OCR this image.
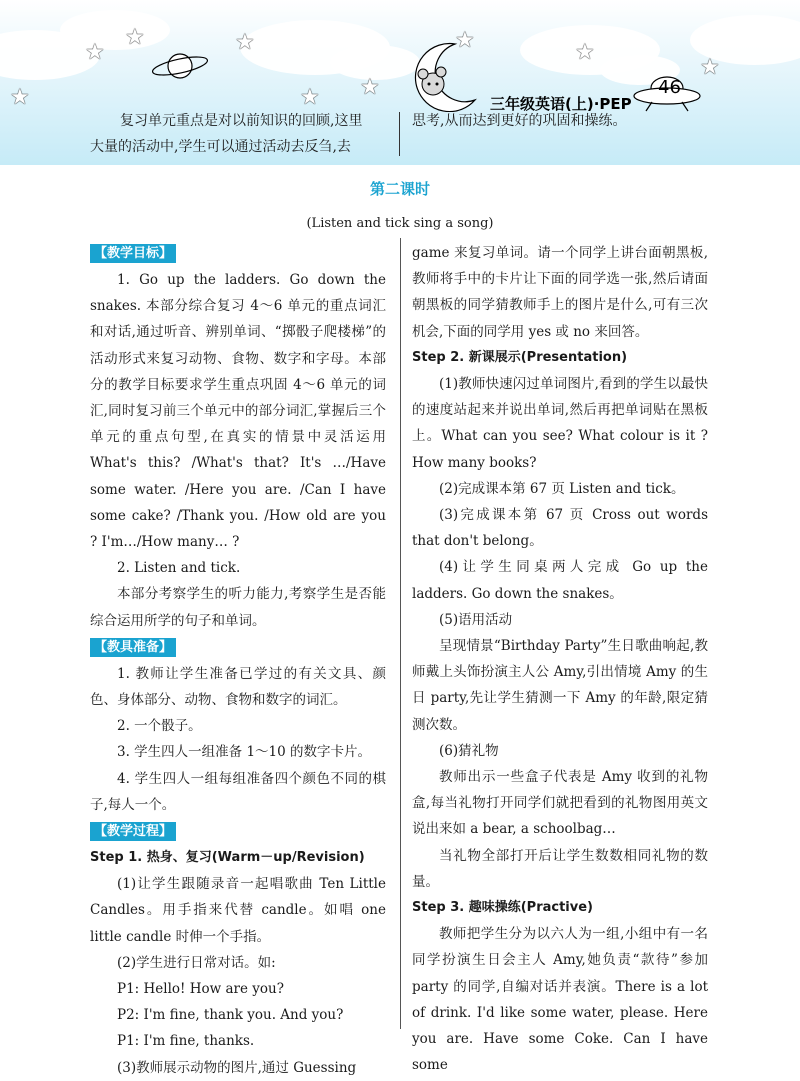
★
★
★
★
★ ★
★	★
★
46
三年级英语(上)·PEP
复习单元重点是对以前知识的回顾,这里
大量的活动中,学生可以通过活动去反刍,去
思考,从而达到更好的巩固和操练。
第二课时
(Listen and tick sing a song)
【教学目标】

1. Go up the ladders. Go down the snakes. 本部分综合复习 4～6 单元的重点词汇和对话,通过听音、辨别单词、“掷骰子爬楼梯”的活动形式来复习动物、食物、数字和字母。本部分的教学目标要求学生重点巩固 4～6 单元的词汇,同时复习前三个单元中的部分词汇,掌握后三个单元的重点句型,在真实的情景中灵活运用 What's this? /What's that? It's …/Have some water. /Here you are. /Can I have some cake? /Thank you. /How old are you ? I'm…/How many… ?

2. Listen and tick.

本部分考察学生的听力能力,考察学生是否能综合运用所学的句子和单词。

【教具准备】

1. 教师让学生准备已学过的有关文具、颜色、身体部分、动物、食物和数字的词汇。

2. 一个骰子。

3. 学生四人一组准备 1～10 的数字卡片。

4. 学生四人一组每组准备四个颜色不同的棋子,每人一个。

【教学过程】

Step 1. 热身、复习(Warm－up/Revision)

(1)让学生跟随录音一起唱歌曲 Ten Little Candles。用手指来代替 candle。如唱 one little candle 时伸一个手指。

(2)学生进行日常对话。如:

P1: Hello! How are you?

P2: I'm fine, thank you. And you?

P1: I'm fine, thanks.

(3)教师展示动物的图片,通过 Guessing

game 来复习单词。请一个同学上讲台面朝黑板,教师将手中的卡片让下面的同学选一张,然后请面朝黑板的同学猜教师手上的图片是什么,可有三次机会,下面的同学用 yes 或 no 来回答。

Step 2. 新课展示(Presentation)

(1)教师快速闪过单词图片,看到的学生以最快的速度站起来并说出单词,然后再把单词贴在黑板上。What can you see? What colour is it ? How many books?

(2)完成课本第 67 页 Listen and tick。

(3)完成课本第 67 页 Cross out words that don't belong。

(4)让学生同桌两人完成 Go up the ladders. Go down the snakes。

(5)语用活动

呈现情景“Birthday Party”生日歌曲响起,教师戴上头饰扮演主人公 Amy,引出情境 Amy 的生日 party,先让学生猜测一下 Amy 的年龄,限定猜测次数。

(6)猜礼物

教师出示一些盒子代表是 Amy 收到的礼物盒,每当礼物打开同学们就把看到的礼物图用英文说出来如 a bear, a schoolbag…

当礼物全部打开后让学生数数相同礼物的数量。

Step 3. 趣味操练(Practive)

教师把学生分为以六人为一组,小组中有一名同学扮演生日会主人 Amy,她负责“款待”参加 party 的同学,自编对话并表演。There is a lot of drink. I'd like some water, please. Here you are. Have some Coke. Can I have some
